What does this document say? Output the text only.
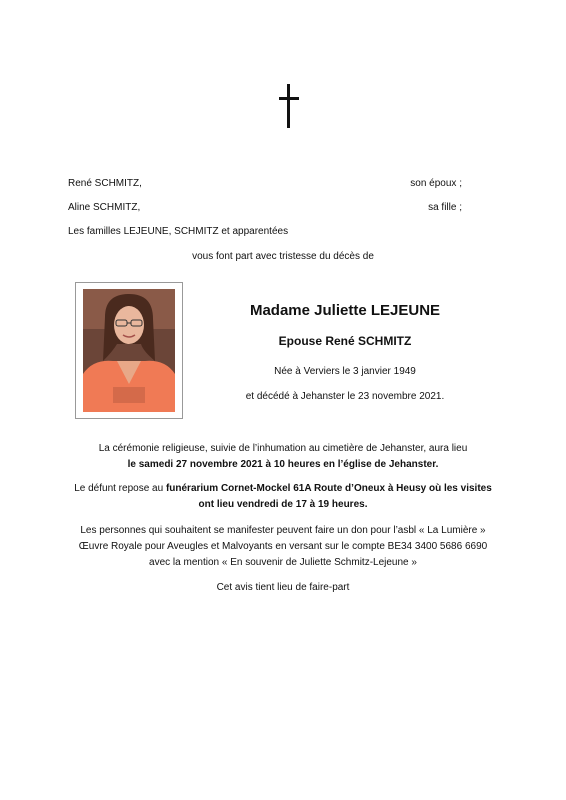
René SCHMITZ,	son époux ;
Aline SCHMITZ,	sa fille ;
Les familles LEJEUNE, SCHMITZ et apparentées
vous font part avec tristesse du décès de
Madame Juliette LEJEUNE
Epouse René SCHMITZ
Née à Verviers le 3 janvier 1949
et décédé à Jehanster le 23 novembre 2021.
La cérémonie religieuse, suivie de l’inhumation au cimetière de Jehanster, aura lieu
le samedi 27 novembre 2021 à 10 heures en l’église de Jehanster.
Le défunt repose au funérarium Cornet-Mockel 61A Route d’Oneux à Heusy où les visites
ont lieu vendredi de 17 à 19 heures.
Les personnes qui souhaitent se manifester peuvent faire un don pour l’asbl « La Lumière »
Œuvre Royale pour Aveugles et Malvoyants en versant sur le compte BE34 3400 5686 6690
avec la mention « En souvenir de Juliette Schmitz-Lejeune »
Cet avis tient lieu de faire-part
